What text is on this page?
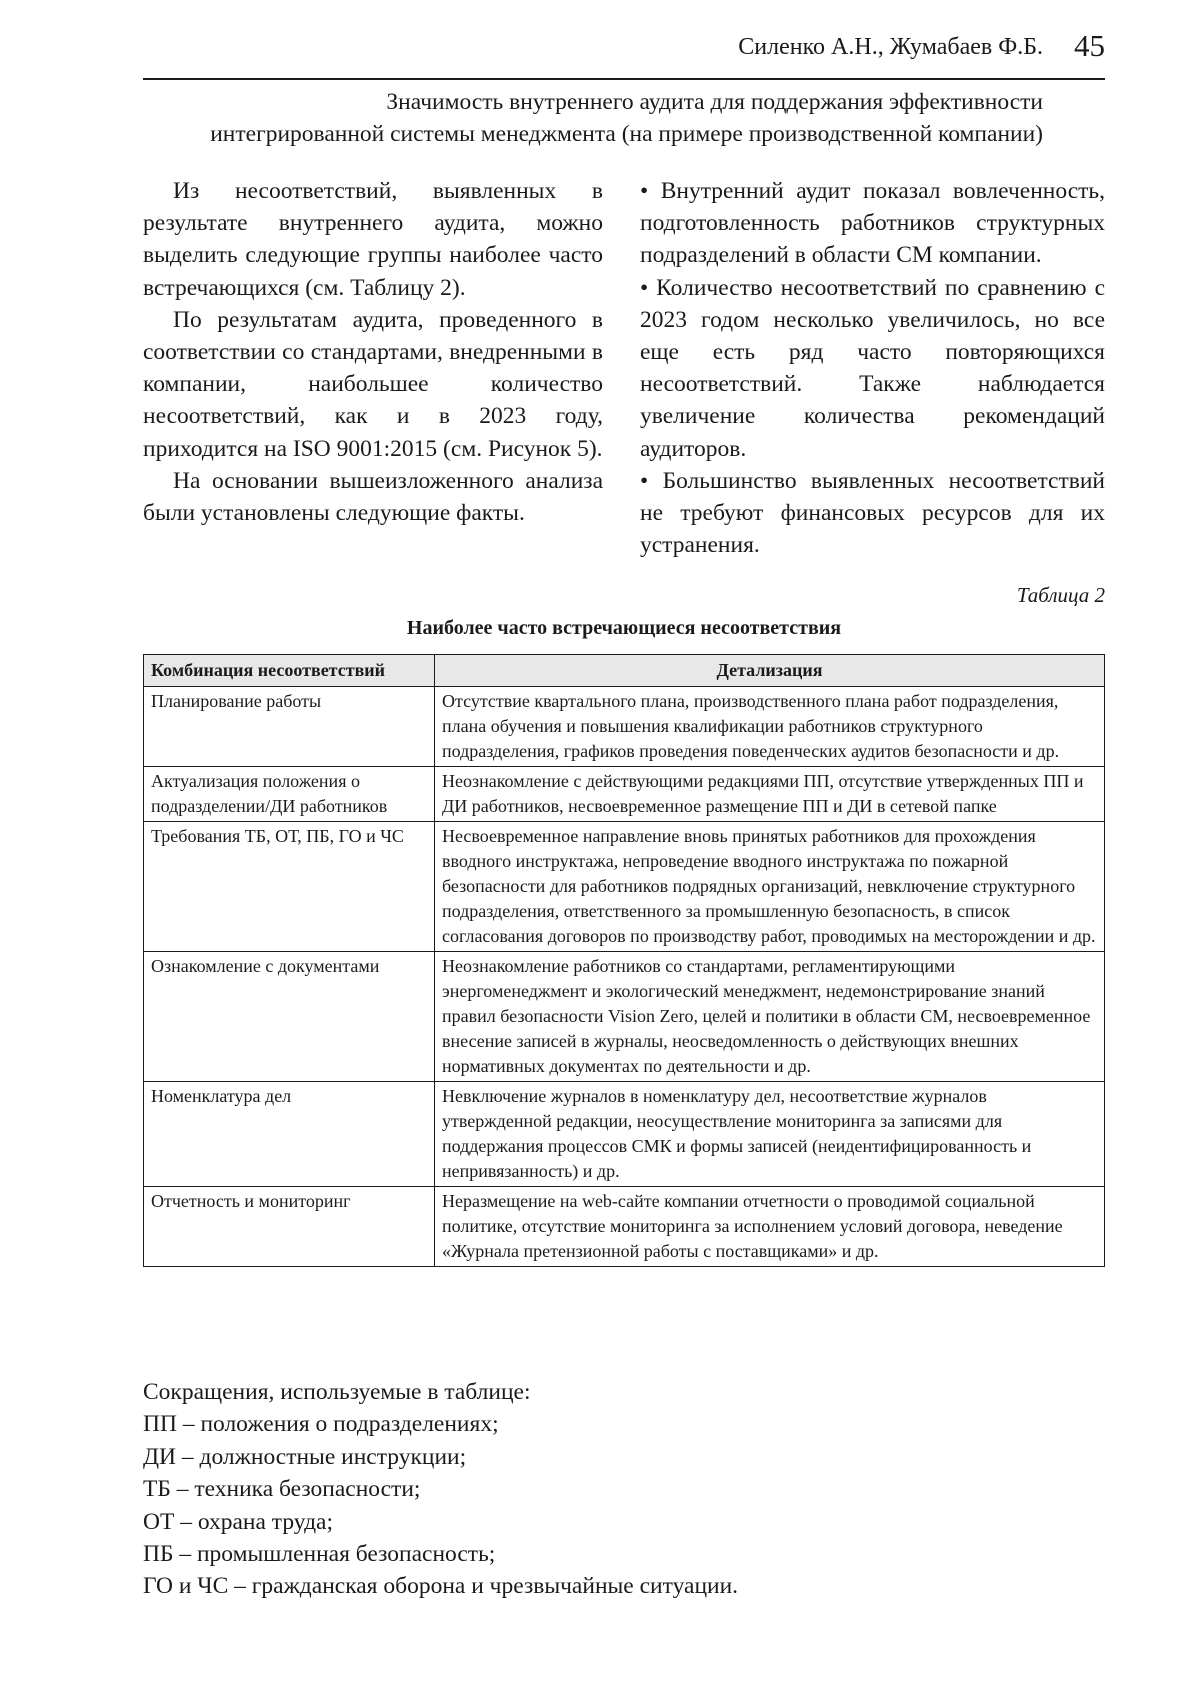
Силенко А.Н., Жумабаев Ф.Б. 45
Значимость внутреннего аудита для поддержания эффективности
интегрированной системы менеджмента (на примере производственной компании)

Из несоответствий, выявленных в результате внутреннего аудита, можно выделить следующие группы наиболее часто встречающихся (см. Таблицу 2).

По результатам аудита, проведенного в соответствии со стандартами, внедренными в компании, наибольшее количество несоответствий, как и в 2023 году, приходится на ISO 9001:2015 (см. Рисунок 5).

На основании вышеизложенного анализа были установлены следующие факты.

• Внутренний аудит показал вовлеченность, подготовленность работников структурных подразделений в области СМ компании.

• Количество несоответствий по сравнению с 2023 годом несколько увеличилось, но все еще есть ряд часто повторяющихся несоответствий. Также наблюдается увеличение количества рекомендаций аудиторов.

• Большинство выявленных несоответствий не требуют финансовых ресурсов для их устранения.

Таблица 2
Наиболее часто встречающиеся несоответствия
Комбинация несоответствий	Детализация
Планирование работы	Отсутствие квартального плана, производственного плана работ подразделения, плана обучения и повышения квалификации работников структурного подразделения, графиков проведения поведенческих аудитов безопасности и др.
Актуализация положения о подразделении/ДИ работников	Неознакомление с действующими редакциями ПП, отсутствие утвержденных ПП и ДИ работников, несвоевременное размещение ПП и ДИ в сетевой папке
Требования ТБ, ОТ, ПБ, ГО и ЧС	Несвоевременное направление вновь принятых работников для прохождения вводного инструктажа, непроведение вводного инструктажа по пожарной безопасности для работников подрядных организаций, невключение структурного подразделения, ответственного за промышленную безопасность, в список согласования договоров по производству работ, проводимых на месторождении и др.
Ознакомление с документами	Неознакомление работников со стандартами, регламентирующими энергоменеджмент и экологический менеджмент, недемонстрирование знаний правил безопасности Vision Zero, целей и политики в области СМ, несвоевременное внесение записей в журналы, неосведомленность о действующих внешних нормативных документах по деятельности и др.
Номенклатура дел	Невключение журналов в номенклатуру дел, несоответствие журналов утвержденной редакции, неосуществление мониторинга за записями для поддержания процессов СМК и формы записей (неидентифицированность и непривязанность) и др.
Отчетность и мониторинг	Неразмещение на web-сайте компании отчетности о проводимой социальной политике, отсутствие мониторинга за исполнением условий договора, неведение «Журнала претензионной работы с поставщиками» и др.
Сокращения, используемые в таблице:
ПП – положения о подразделениях;
ДИ – должностные инструкции;
ТБ – техника безопасности;
ОТ – охрана труда;
ПБ – промышленная безопасность;
ГО и ЧС – гражданская оборона и чрезвычайные ситуации.
